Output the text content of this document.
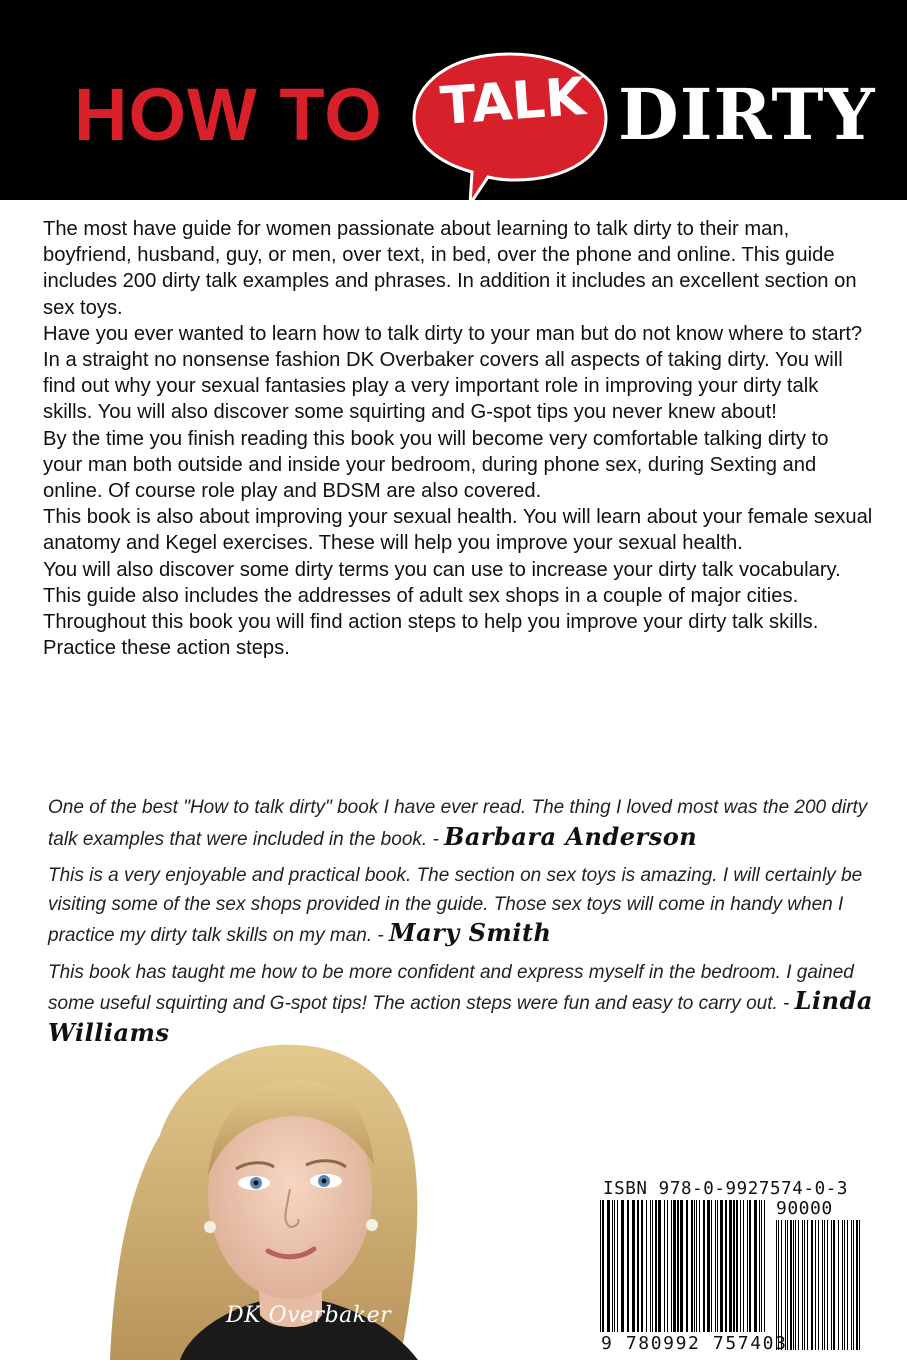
HOW TO TALK DIRTY

The most have guide for women passionate about learning to talk dirty to their man, boyfriend, husband, guy, or men, over text, in bed, over the phone and online. This guide includes 200 dirty talk examples and phrases. In addition it includes an excellent section on sex toys.

Have you ever wanted to learn how to talk dirty to your man but do not know where to start?

In a straight no nonsense fashion DK Overbaker covers all aspects of taking dirty. You will find out why your sexual fantasies play a very important role in improving your dirty talk skills. You will also discover some squirting and G-spot tips you never knew about!

By the time you finish reading this book you will become very comfortable talking dirty to your man both outside and inside your bedroom, during phone sex, during Sexting and online. Of course role play and BDSM are also covered.

This book is also about improving your sexual health. You will learn about your female sexual anatomy and Kegel exercises. These will help you improve your sexual health.

You will also discover some dirty terms you can use to increase your dirty talk vocabulary. This guide also includes the addresses of adult sex shops in a couple of major cities.

Throughout this book you will find action steps to help you improve your dirty talk skills. Practice these action steps.

One of the best "How to talk dirty" book I have ever read. The thing I loved most was the 200 dirty talk examples that were included in the book. - Barbara Anderson

This is a very enjoyable and practical book. The section on sex toys is amazing. I will certainly be visiting some of the sex shops provided in the guide. Those sex toys will come in handy when I practice my dirty talk skills on my man. - Mary Smith

This book has taught me how to be more confident and express myself in the bedroom. I gained some useful squirting and G-spot tips! The action steps were fun and easy to carry out. - Linda Williams

DK Overbaker
ISBN 978-0-9927574-0-3
90000
9 780992 757403
